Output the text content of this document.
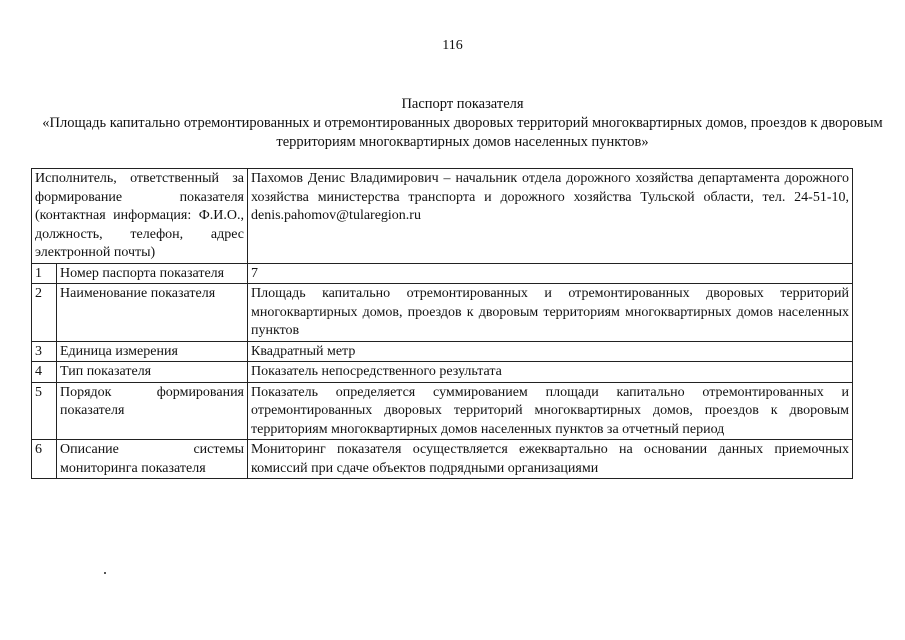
116
Паспорт показателя
«Площадь капитально отремонтированных и отремонтированных дворовых территорий многоквартирных домов, проездов к дворовым территориям многоквартирных домов населенных пунктов»
Исполнитель, ответственный за формирование показателя (контактная информация: Ф.И.О., должность, телефон, адрес электронной почты)		Пахомов Денис Владимирович – начальник отдела дорожного хозяйства департамента дорожного хозяйства министерства транспорта и дорожного хозяйства Тульской области, тел. 24-51-10, denis.pahomov@tularegion.ru
1	Номер паспорта показателя	7
2	Наименование показателя	Площадь капитально отремонтированных и отремонтированных дворовых территорий многоквартирных домов, проездов к дворовым территориям многоквартирных домов населенных пунктов
3	Единица измерения	Квадратный метр
4	Тип показателя	Показатель непосредственного результата
5	Порядок формирования показателя	Показатель определяется суммированием площади капитально отремонтированных и отремонтированных дворовых территорий многоквартирных домов, проездов к дворовым территориям многоквартирных домов населенных пунктов за отчетный период
6	Описание системы мониторинга показателя	Мониторинг показателя осуществляется ежеквартально на основании данных приемочных комиссий при сдаче объектов подрядными организациями
